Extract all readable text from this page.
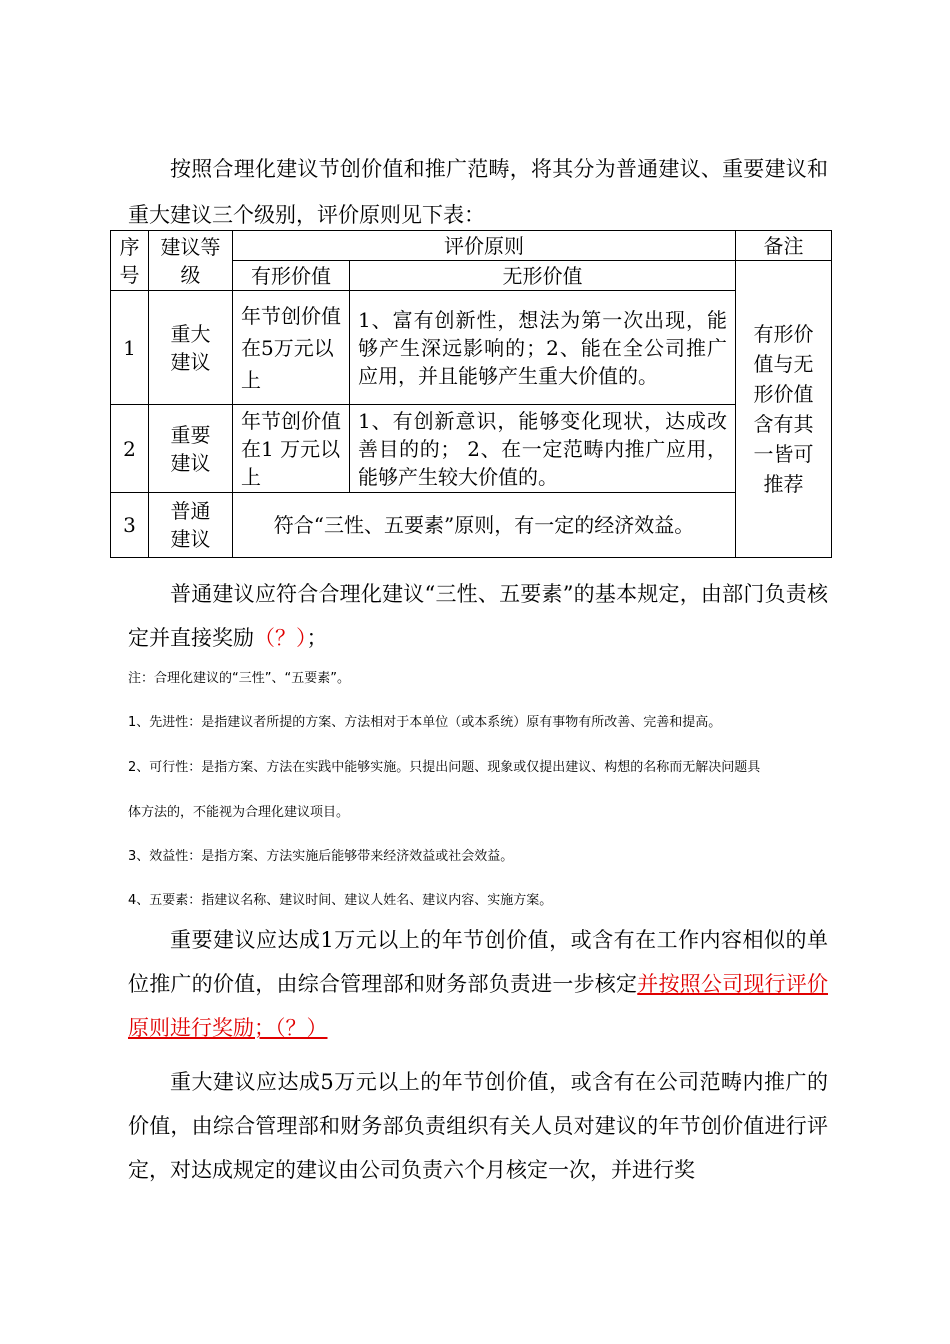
按照合理化建议节创价值和推广范畴，将其分为普通建议、重要建议和重大建议三个级别，评价原则见下表：

序号	建议等级	评价原则		备注
		有形价值	无形价值	有形价值与无形价值含有其一皆可推荐
1	重大建议	年节创价值在5万元以上	1、富有创新性，想法为第一次出现，能够产生深远影响的；2、能在全公司推广应用，并且能够产生重大价值的。	
2	重要建议	年节创价值在1 万元以上	1、有创新意识，能够变化现状，达成改善目的的； 2、在一定范畴内推广应用，能够产生较大价值的。	
3	普通建议	符合“三性、五要素”原则，有一定的经济效益。		

普通建议应符合合理化建议“三性、五要素”的基本规定，由部门负责核定并直接奖励（？）；

注：合理化建议的“三性”、“五要素”。

1、先进性：是指建议者所提的方案、方法相对于本单位（或本系统）原有事物有所改善、完善和提高。

2、可行性：是指方案、方法在实践中能够实施。只提出问题、现象或仅提出建议、构想的名称而无解决问题具

体方法的，不能视为合理化建议项目。

3、效益性：是指方案、方法实施后能够带来经济效益或社会效益。

4、五要素：指建议名称、建议时间、建议人姓名、建议内容、实施方案。

重要建议应达成1万元以上的年节创价值，或含有在工作内容相似的单位推广的价值，由综合管理部和财务部负责进一步核定并按照公司现行评价原则进行奖励；（？）

重大建议应达成5万元以上的年节创价值，或含有在公司范畴内推广的价值，由综合管理部和财务部负责组织有关人员对建议的年节创价值进行评定，对达成规定的建议由公司负责六个月核定一次，并进行奖
